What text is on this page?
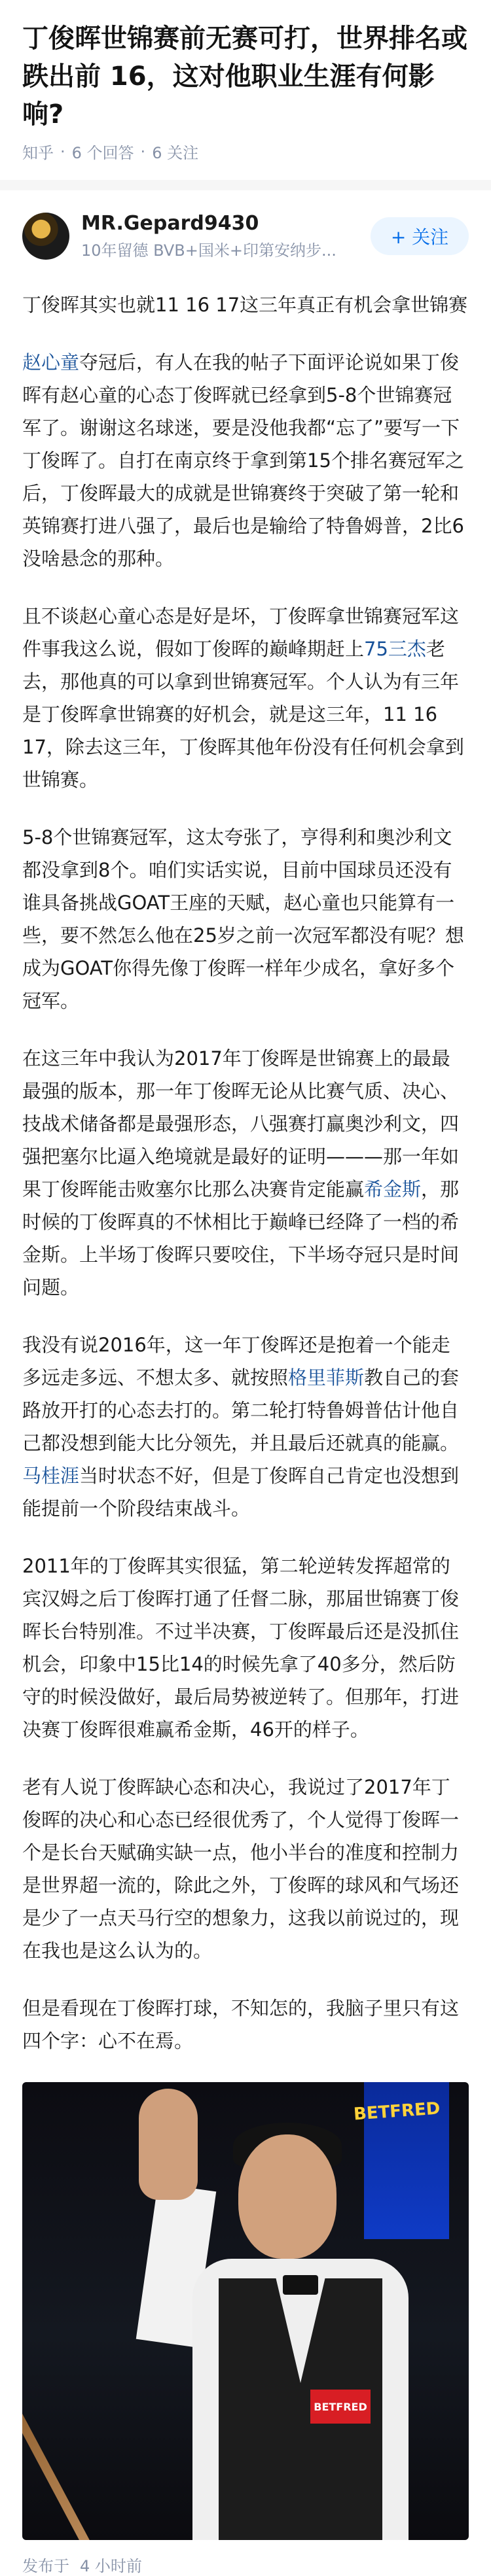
丁俊晖世锦赛前无赛可打，世界排名或跌出前 16，这对他职业生涯有何影响?
知乎 · 6 个回答 · 6 关注
MR.Gepard9430
10年留德 BVB+国米+印第安纳步...
+ 关注

丁俊晖其实也就11 16 17这三年真正有机会拿世锦赛

赵心童夺冠后，有人在我的帖子下面评论说如果丁俊晖有赵心童的心态丁俊晖就已经拿到5-8个世锦赛冠军了。谢谢这名球迷，要是没他我都“忘了”要写一下丁俊晖了。自打在南京终于拿到第15个排名赛冠军之后，丁俊晖最大的成就是世锦赛终于突破了第一轮和英锦赛打进八强了，最后也是输给了特鲁姆普，2比6没啥悬念的那种。

且不谈赵心童心态是好是坏，丁俊晖拿世锦赛冠军这件事我这么说，假如丁俊晖的巅峰期赶上75三杰老去，那他真的可以拿到世锦赛冠军。个人认为有三年是丁俊晖拿世锦赛的好机会，就是这三年，11 16 17，除去这三年，丁俊晖其他年份没有任何机会拿到世锦赛。

5-8个世锦赛冠军，这太夸张了，亨得利和奥沙利文都没拿到8个。咱们实话实说，目前中国球员还没有谁具备挑战GOAT王座的天赋，赵心童也只能算有一些，要不然怎么他在25岁之前一次冠军都没有呢？想成为GOAT你得先像丁俊晖一样年少成名，拿好多个冠军。

在这三年中我认为2017年丁俊晖是世锦赛上的最最最强的版本，那一年丁俊晖无论从比赛气质、决心、技战术储备都是最强形态，八强赛打赢奥沙利文，四强把塞尔比逼入绝境就是最好的证明———那一年如果丁俊晖能击败塞尔比那么决赛肯定能赢希金斯，那时候的丁俊晖真的不怵相比于巅峰已经降了一档的希金斯。上半场丁俊晖只要咬住，下半场夺冠只是时间问题。

我没有说2016年，这一年丁俊晖还是抱着一个能走多远走多远、不想太多、就按照格里菲斯教自己的套路放开打的心态去打的。第二轮打特鲁姆普估计他自己都没想到能大比分领先，并且最后还就真的能赢。马桂涯当时状态不好，但是丁俊晖自己肯定也没想到能提前一个阶段结束战斗。

2011年的丁俊晖其实很猛，第二轮逆转发挥超常的宾汉姆之后丁俊晖打通了任督二脉，那届世锦赛丁俊晖长台特别准。不过半决赛，丁俊晖最后还是没抓住机会，印象中15比14的时候先拿了40多分，然后防守的时候没做好，最后局势被逆转了。但那年，打进决赛丁俊晖很难赢希金斯，46开的样子。

老有人说丁俊晖缺心态和决心，我说过了2017年丁俊晖的决心和心态已经很优秀了，个人觉得丁俊晖一个是长台天赋确实缺一点，他小半台的准度和控制力是世界超一流的，除此之外，丁俊晖的球风和气场还是少了一点天马行空的想象力，这我以前说过的，现在我也是这么认为的。

但是看现在丁俊晖打球，不知怎的，我脑子里只有这四个字：心不在焉。

BETFRED
BETFRED
发布于 4 小时前
